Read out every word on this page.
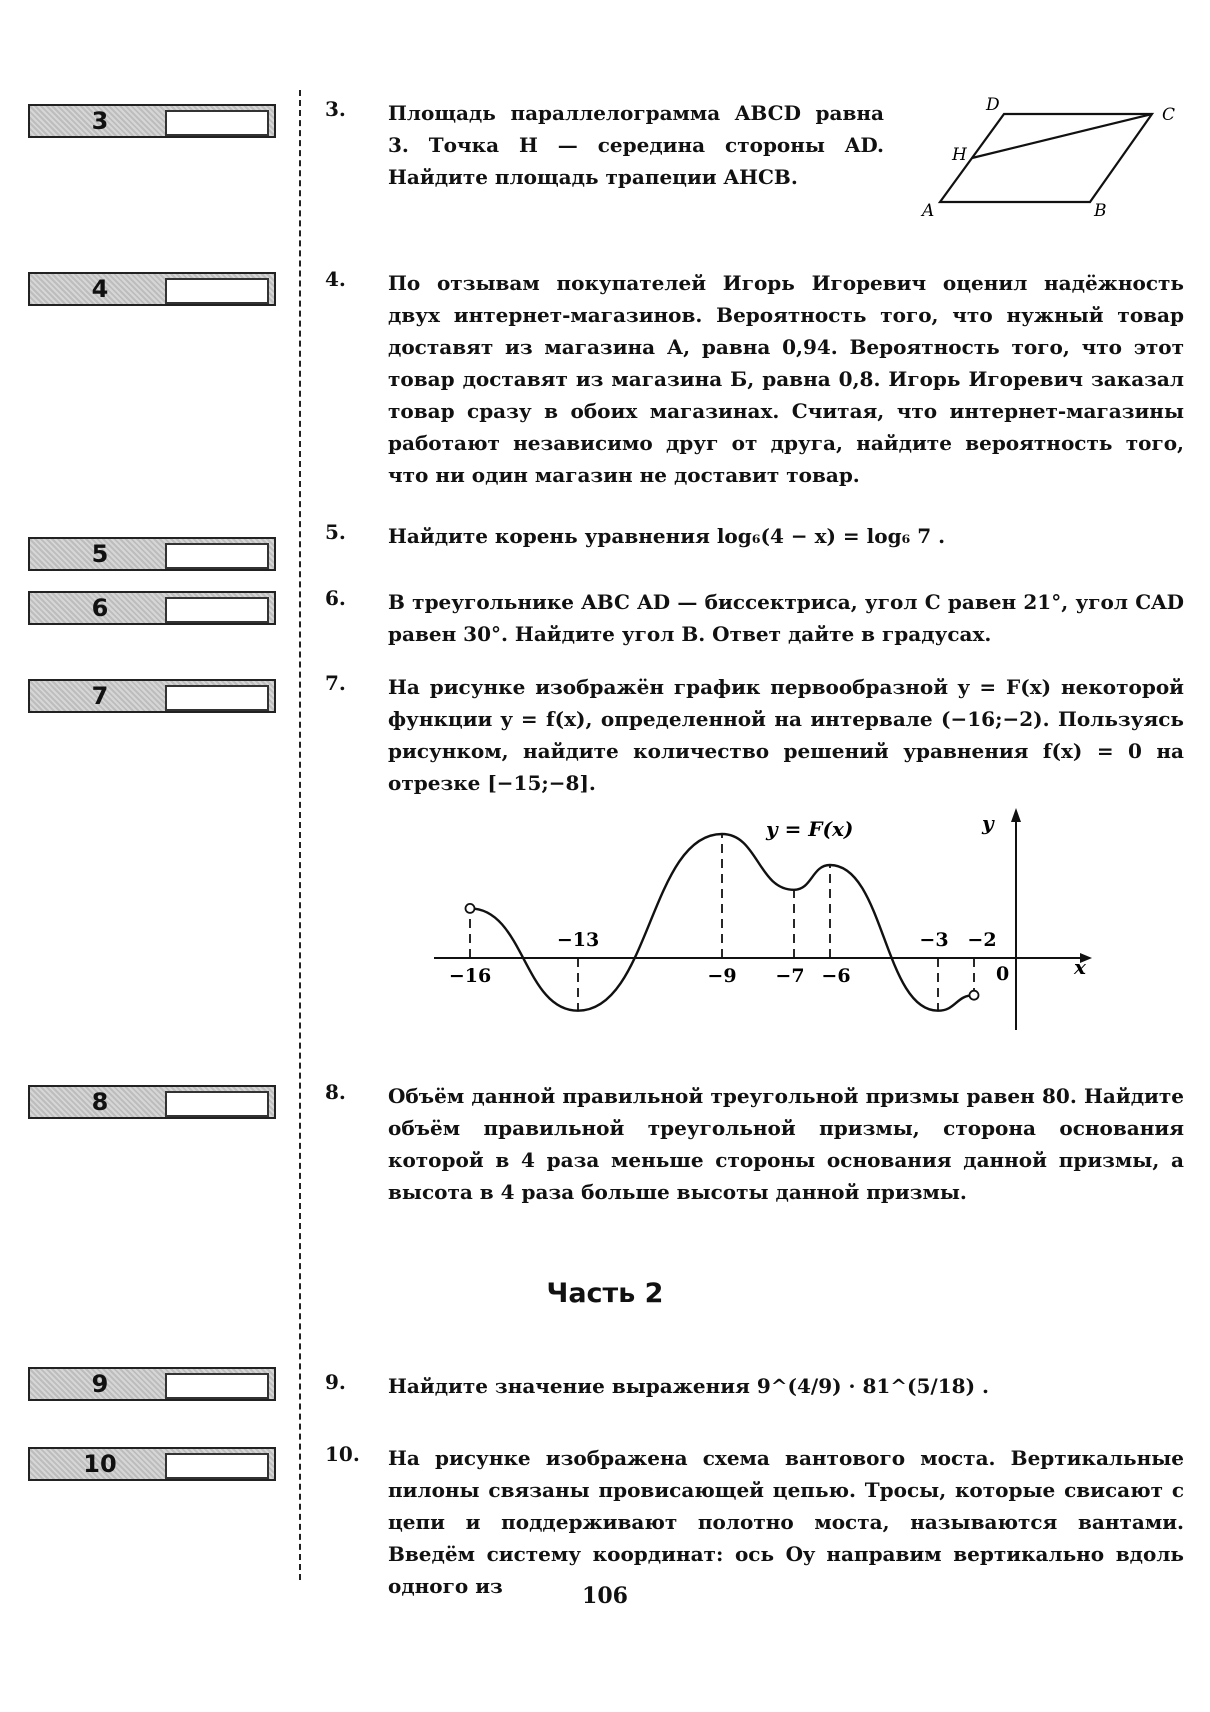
3
4
5
6
7
8
9
10
3. Площадь параллелограмма ABCD равна 3. Точка H — середина стороны AD. Найдите площадь трапеции AHCB.
D	C
H
A	B
4. По отзывам покупателей Игорь Игоревич оценил надёжность двух интернет-магазинов. Вероятность того, что нужный товар доставят из магазина А, равна 0,94. Вероятность того, что этот товар доставят из магазина Б, равна 0,8. Игорь Игоревич заказал товар сразу в обоих магазинах. Считая, что интернет-магазины работают независимо друг от друга, найдите вероятность того, что ни один магазин не доставит товар.
5. Найдите корень уравнения log₆(4 − x) = log₆ 7 .
6. В треугольнике ABC AD — биссектриса, угол C равен 21°, угол CAD равен 30°. Найдите угол B. Ответ дайте в градусах.
7. На рисунке изображён график первообразной y = F(x) некоторой функции y = f(x), определенной на интервале (−16;−2). Пользуясь рисунком, найдите количество решений уравнения f(x) = 0 на отрезке [−15;−8].
−16
−13
−9 −7 −6
−3 −2
y = F(x)	y
x
0
8. Объём данной правильной треугольной призмы равен 80. Найдите объём правильной треугольной призмы, сторона основания которой в 4 раза меньше стороны основания данной призмы, а высота в 4 раза больше высоты данной призмы.
Часть 2
9. Найдите значение выражения 9^(4/9) · 81^(5/18) .
10. На рисунке изображена схема вантового моста. Вертикальные пилоны связаны провисающей цепью. Тросы, которые свисают с цепи и поддерживают полотно моста, называются вантами. Введём систему координат: ось Oy направим вертикально вдоль одного из	106
